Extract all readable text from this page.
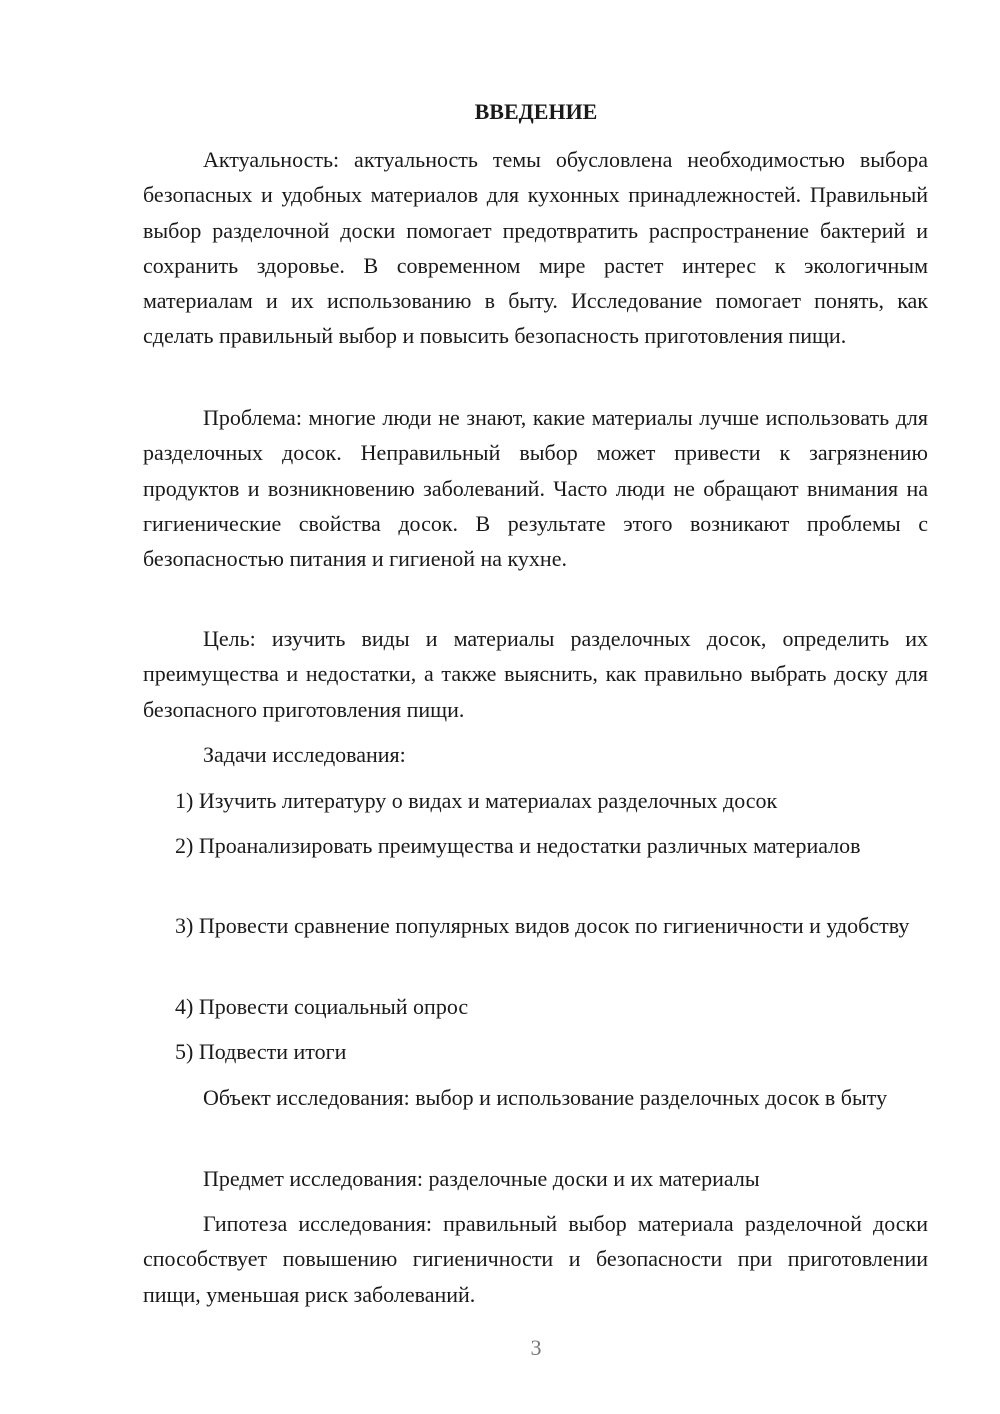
ВВЕДЕНИЕ

Актуальность: актуальность темы обусловлена необходимостью выбора безопасных и удобных материалов для кухонных принадлежностей. Правильный выбор разделочной доски помогает предотвратить распространение бактерий и сохранить здоровье. В современном мире растет интерес к экологичным материалам и их использованию в быту. Исследование помогает понять, как сделать правильный выбор и повысить безопасность приготовления пищи.

Проблема: многие люди не знают, какие материалы лучше использовать для разделочных досок. Неправильный выбор может привести к загрязнению продуктов и возникновению заболеваний. Часто люди не обращают внимания на гигиенические свойства досок. В результате этого возникают проблемы с безопасностью питания и гигиеной на кухне.

Цель: изучить виды и материалы разделочных досок, определить их преимущества и недостатки, а также выяснить, как правильно выбрать доску для безопасного приготовления пищи.

Задачи исследования:

1) Изучить литературу о видах и материалах разделочных досок

2) Проанализировать преимущества и недостатки различных материалов

3) Провести сравнение популярных видов досок по гигиеничности и удобству

4) Провести социальный опрос

5) Подвести итоги

Объект исследования: выбор и использование разделочных досок в быту

Предмет исследования: разделочные доски и их материалы

Гипотеза исследования: правильный выбор материала разделочной доски способствует повышению гигиеничности и безопасности при приготовлении пищи, уменьшая риск заболеваний.

3
